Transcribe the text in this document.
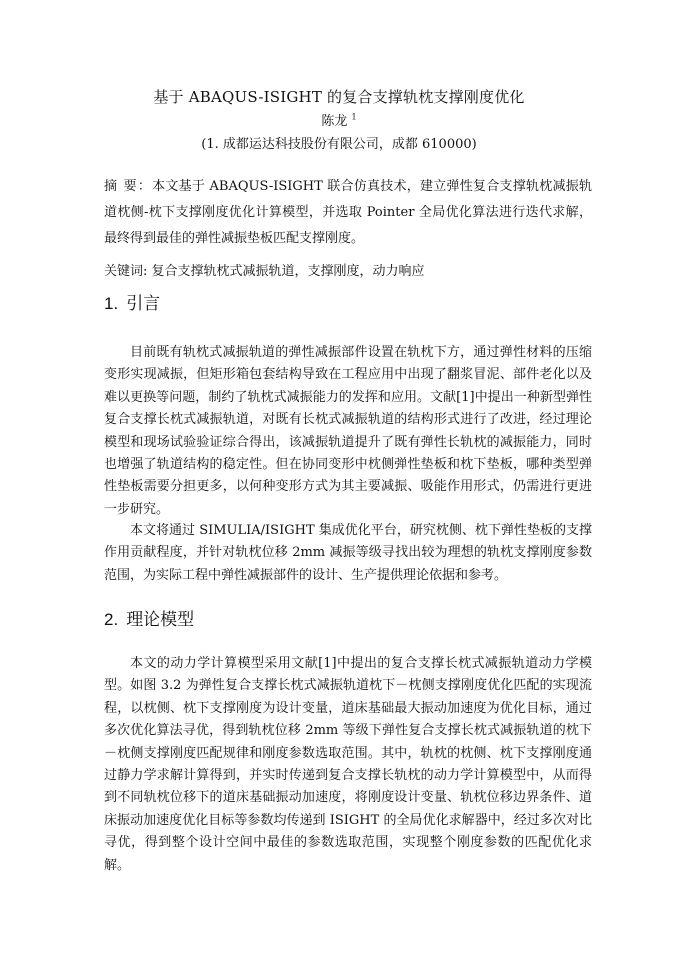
基于 ABAQUS-ISIGHT 的复合支撑轨枕支撑刚度优化
陈龙 $^1$
(1. 成都运达科技股份有限公司，成都 610000)
摘 要：本文基于 ABAQUS-ISIGHT 联合仿真技术，建立弹性复合支撑轨枕减振轨道枕侧-枕下支撑刚度优化计算模型，并选取 Pointer 全局优化算法进行迭代求解，最终得到最佳的弹性减振垫板匹配支撑刚度。
关键词: 复合支撑轨枕式减振轨道，支撑刚度，动力响应
1. 引言

目前既有轨枕式减振轨道的弹性减振部件设置在轨枕下方，通过弹性材料的压缩变形实现减振，但矩形箱包套结构导致在工程应用中出现了翻浆冒泥、部件老化以及难以更换等问题，制约了轨枕式减振能力的发挥和应用。文献[1]中提出一种新型弹性复合支撑长枕式减振轨道，对既有长枕式减振轨道的结构形式进行了改进，经过理论模型和现场试验验证综合得出，该减振轨道提升了既有弹性长轨枕的减振能力，同时也增强了轨道结构的稳定性。但在协同变形中枕侧弹性垫板和枕下垫板，哪种类型弹性垫板需要分担更多，以何种变形方式为其主要减振、吸能作用形式，仍需进行更进一步研究。

本文将通过 SIMULIA/ISIGHT 集成优化平台，研究枕侧、枕下弹性垫板的支撑作用贡献程度，并针对轨枕位移 2mm 减振等级寻找出较为理想的轨枕支撑刚度参数范围，为实际工程中弹性减振部件的设计、生产提供理论依据和参考。

2. 理论模型

本文的动力学计算模型采用文献[1]中提出的复合支撑长枕式减振轨道动力学模型。如图 3.2 为弹性复合支撑长枕式减振轨道枕下－枕侧支撑刚度优化匹配的实现流程，以枕侧、枕下支撑刚度为设计变量，道床基础最大振动加速度为优化目标，通过多次优化算法寻优，得到轨枕位移 2mm 等级下弹性复合支撑长枕式减振轨道的枕下－枕侧支撑刚度匹配规律和刚度参数选取范围。其中，轨枕的枕侧、枕下支撑刚度通过静力学求解计算得到，并实时传递到复合支撑长轨枕的动力学计算模型中，从而得到不同轨枕位移下的道床基础振动加速度，将刚度设计变量、轨枕位移边界条件、道床振动加速度优化目标等参数均传递到 ISIGHT 的全局优化求解器中，经过多次对比寻优，得到整个设计空间中最佳的参数选取范围，实现整个刚度参数的匹配优化求解。
